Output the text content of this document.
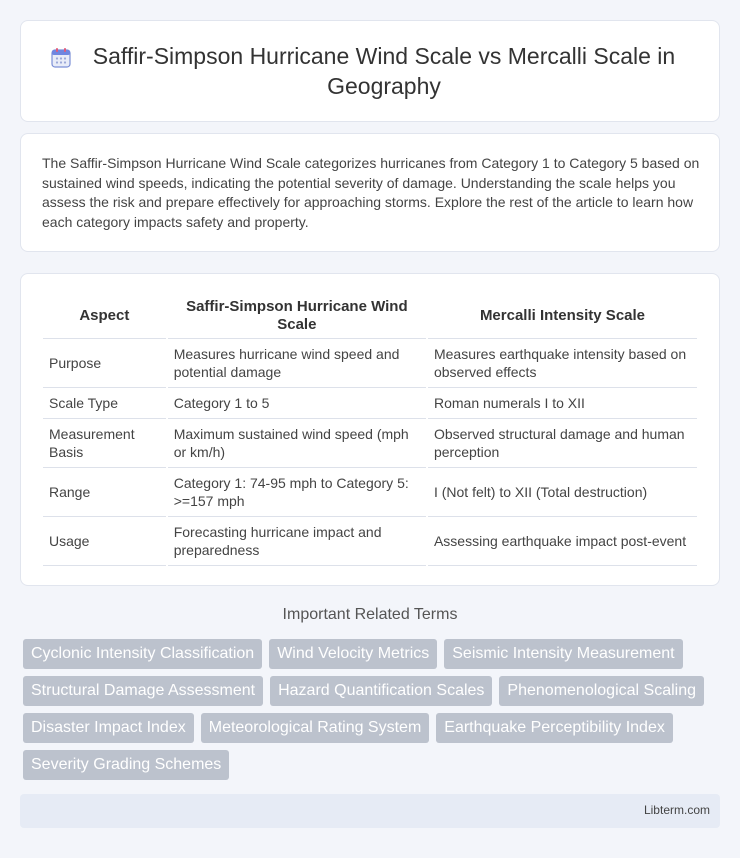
Saffir-Simpson Hurricane Wind Scale vs Mercalli Scale in Geography

The Saffir-Simpson Hurricane Wind Scale categorizes hurricanes from Category 1 to Category 5 based on sustained wind speeds, indicating the potential severity of damage. Understanding the scale helps you assess the risk and prepare effectively for approaching storms. Explore the rest of the article to learn how each category impacts safety and property.

Aspect	Saffir-Simpson Hurricane Wind Scale	Mercalli Intensity Scale
Purpose	Measures hurricane wind speed and potential damage	Measures earthquake intensity based on observed effects
Scale Type	Category 1 to 5	Roman numerals I to XII
Measurement Basis	Maximum sustained wind speed (mph or km/h)	Observed structural damage and human perception
Range	Category 1: 74-95 mph to Category 5: >=157 mph	I (Not felt) to XII (Total destruction)
Usage	Forecasting hurricane impact and preparedness	Assessing earthquake impact post-event
Important Related Terms
Cyclonic Intensity Classification	Wind Velocity Metrics	Seismic Intensity Measurement
Structural Damage Assessment	Hazard Quantification Scales	Phenomenological Scaling
Disaster Impact Index	Meteorological Rating System	Earthquake Perceptibility Index
Severity Grading Schemes
Libterm.com
